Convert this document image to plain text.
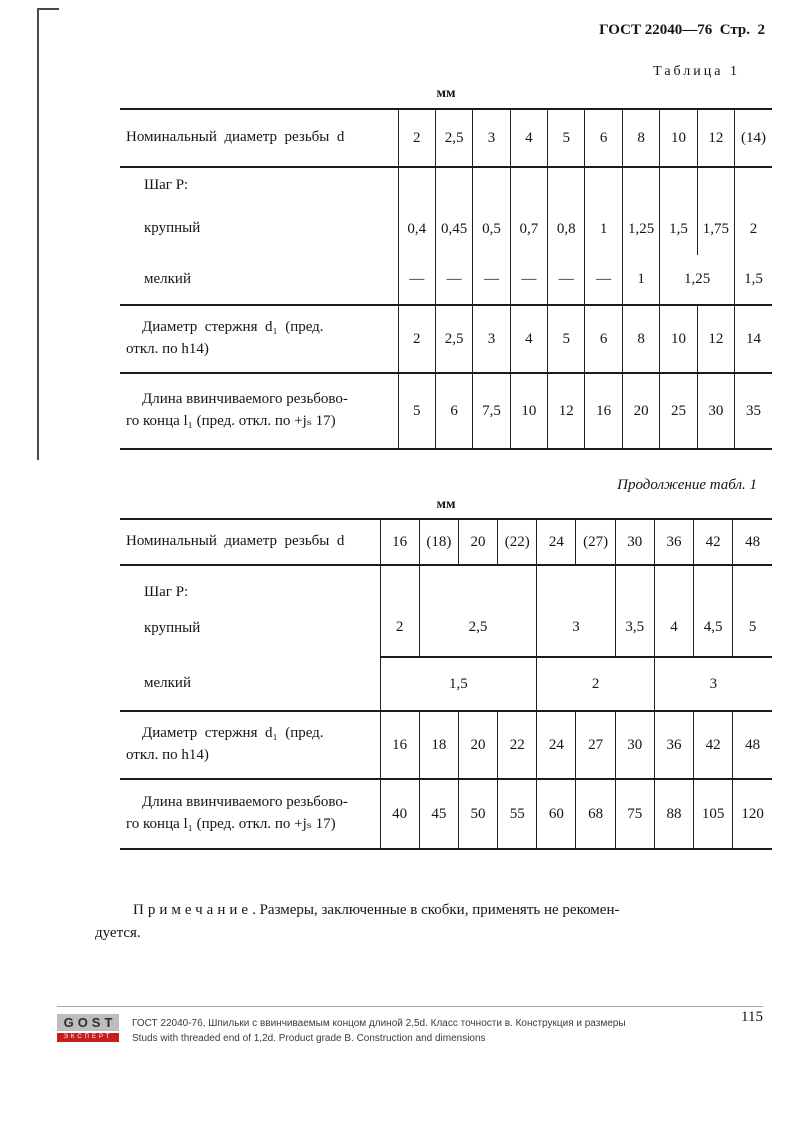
ГОСТ 22040—76  Стр.  2
Таблица 1
мм
Номинальный  диаметр  резьбы  d	2	2,5	3	4	5	6	8	10	12	(14)

Шаг P:										

крупный	0,4	0,45	0,5	0,7	0,8	1	1,25	1,5	1,75	2

мелкий	—	—	—	—	—	—	1	1,25		1,5

Диаметр  стержня  d₁  (пред.
откл. по h14)	2	2,5	3	4	5	6	8	10	12	14

Длина ввинчиваемого резьбово-
го конца l₁ (пред. откл. по +jₛ 17)	5	6	7,5	10	12	16	20	25	30	35
Продолжение табл. 1
мм
Номинальный  диаметр  резьбы  d	16	(18)	20	(22)	24	(27)	30	36	42	48

Шаг P:
крупный	2	2,5			3		3,5	4	4,5	5

мелкий	1,5				2			3		

Диаметр  стержня  d₁  (пред.
откл. по h14)	16	18	20	22	24	27	30	36	42	48

Длина ввинчиваемого резьбово-
го конца l₁ (пред. откл. по +jₛ 17)	40	45	50	55	60	68	75	88	105	120

Примечание. Размеры, заключенные в скобки, применять не рекомен-
дуется.

GOST
ЭКСПЕРТ
ГОСТ 22040-76, Шпильки с ввинчиваемым концом длиной 2,5d. Класс точности в. Конструкция и размеры
Studs with threaded end of 1,2d. Product grade B. Construction and dimensions
115
